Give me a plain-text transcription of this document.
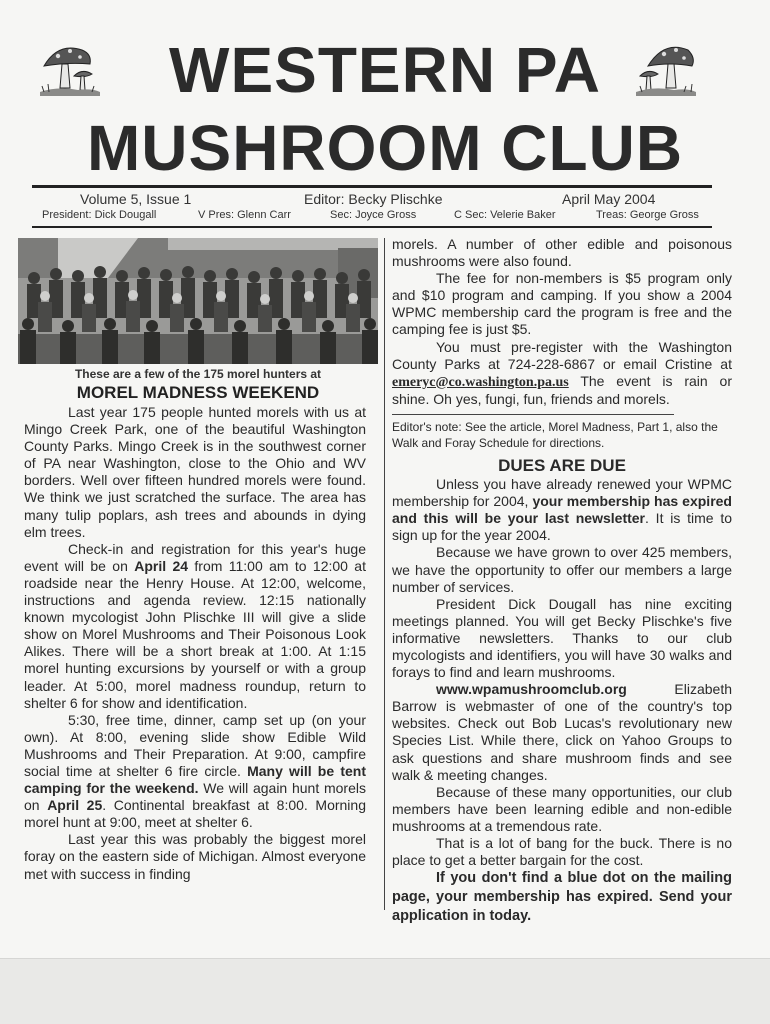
WESTERN PA
MUSHROOM CLUB
Volume 5, Issue 1	Editor: Becky Plischke	April May 2004
President: Dick Dougall	V Pres: Glenn Carr	Sec: Joyce Gross	C Sec: Velerie Baker	Treas: George Gross
These are a few of the 175 morel hunters at
MOREL MADNESS WEEKEND

Last year 175 people hunted morels with us at Mingo Creek Park, one of the beautiful Washington County Parks. Mingo Creek is in the southwest corner of PA near Washington, close to the Ohio and WV borders. Well over fifteen hundred morels were found. We think we just scratched the surface. The area has many tulip poplars, ash trees and abounds in dying elm trees.

Check-in and registration for this year's huge event will be on April 24 from 11:00 am to 12:00 at roadside near the Henry House. At 12:00, welcome, instructions and agenda review. 12:15 nationally known mycologist John Plischke III will give a slide show on Morel Mushrooms and Their Poisonous Look Alikes. There will be a short break at 1:00. At 1:15 morel hunting excursions by yourself or with a group leader. At 5:00, morel madness roundup, return to shelter 6 for show and identification.

5:30, free time, dinner, camp set up (on your own). At 8:00, evening slide show Edible Wild Mushrooms and Their Preparation. At 9:00, campfire social time at shelter 6 fire circle. Many will be tent camping for the weekend. We will again hunt morels on April 25. Continental breakfast at 8:00. Morning morel hunt at 9:00, meet at shelter 6.

Last year this was probably the biggest morel foray on the eastern side of Michigan. Almost everyone met with success in finding

morels. A number of other edible and poisonous mushrooms were also found.

The fee for non-members is $5 program only and $10 program and camping. If you show a 2004 WPMC membership card the program is free and the camping fee is just $5.

You must pre-register with the Washington County Parks at 724-228-6867 or email Cristine at emeryc@co.washington.pa.us The event is rain or shine. Oh yes, fungi, fun, friends and morels.

Editor's note: See the article, Morel Madness, Part 1, also the Walk and Foray Schedule for directions.

DUES ARE DUE

Unless you have already renewed your WPMC membership for 2004, your membership has expired and this will be your last newsletter. It is time to sign up for the year 2004.

Because we have grown to over 425 members, we have the opportunity to offer our members a large number of services.

President Dick Dougall has nine exciting meetings planned. You will get Becky Plischke's five informative newsletters. Thanks to our club mycologists and identifiers, you will have 30 walks and forays to find and learn mushrooms.

www.wpamushroomclub.org Elizabeth Barrow is webmaster of one of the country's top websites. Check out Bob Lucas's revolutionary new Species List. While there, click on Yahoo Groups to ask questions and share mushroom finds and see walk & meeting changes.

Because of these many opportunities, our club members have been learning edible and non-edible mushrooms at a tremendous rate.

That is a lot of bang for the buck. There is no place to get a better bargain for the cost.

If you don't find a blue dot on the mailing page, your membership has expired. Send your application in today.
